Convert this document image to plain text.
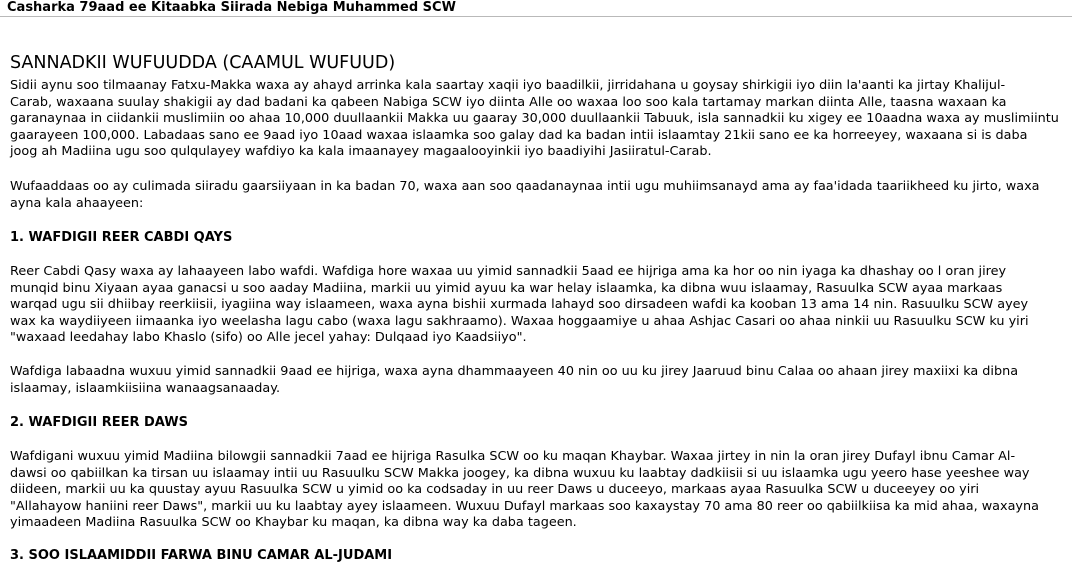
Casharka 79aad ee Kitaabka Siirada Nebiga Muhammed SCW
SANNADKII WUFUUDDA (CAAMUL WUFUUD)

Sidii aynu soo tilmaanay Fatxu-Makka waxa ay ahayd arrinka kala saartay xaqii iyo baadilkii, jirridahana u goysay shirkigii iyo diin la'aanti ka jirtay Khalijul-
Carab, waxaana suulay shakigii ay dad badani ka qabeen Nabiga SCW iyo diinta Alle oo waxaa loo soo kala tartamay markan diinta Alle, taasna waxaan ka
garanaynaa in ciidankii muslimiin oo ahaa 10,000 duullaankii Makka uu gaaray 30,000 duullaankii Tabuuk, isla sannadkii ku xigey ee 10aadna waxa ay muslimiintu
gaarayeen 100,000. Labadaas sano ee 9aad iyo 10aad waxaa islaamka soo galay dad ka badan intii islaamtay 21kii sano ee ka horreeyey, waxaana si is daba
joog ah Madiina ugu soo qulqulayey wafdiyo ka kala imaanayey magaalooyinkii iyo baadiyihi Jasiiratul-Carab.

Wufaaddaas oo ay culimada siiradu gaarsiiyaan in ka badan 70, waxa aan soo qaadanaynaa intii ugu muhiimsanayd ama ay faa'idada taariikheed ku jirto, waxa
ayna kala ahaayeen:

1. WAFDIGII REER CABDI QAYS

Reer Cabdi Qasy waxa ay lahaayeen labo wafdi. Wafdiga hore waxaa uu yimid sannadkii 5aad ee hijriga ama ka hor oo nin iyaga ka dhashay oo l oran jirey
munqid binu Xiyaan ayaa ganacsi u soo aaday Madiina, markii uu yimid ayuu ka war helay islaamka, ka dibna wuu islaamay, Rasuulka SCW ayaa markaas
warqad ugu sii dhiibay reerkiisii, iyagiina way islaameen, waxa ayna bishii xurmada lahayd soo dirsadeen wafdi ka kooban 13 ama 14 nin. Rasuulku SCW ayey
wax ka waydiiyeen iimaanka iyo weelasha lagu cabo (waxa lagu sakhraamo). Waxaa hoggaamiye u ahaa Ashjac Casari oo ahaa ninkii uu Rasuulku SCW ku yiri
"waxaad leedahay labo Khaslo (sifo) oo Alle jecel yahay: Dulqaad iyo Kaadsiiyo".

Wafdiga labaadna wuxuu yimid sannadkii 9aad ee hijriga, waxa ayna dhammaayeen 40 nin oo uu ku jirey Jaaruud binu Calaa oo ahaan jirey maxiixi ka dibna
islaamay, islaamkiisiina wanaagsanaaday.

2. WAFDIGII REER DAWS

Wafdigani wuxuu yimid Madiina bilowgii sannadkii 7aad ee hijriga Rasulka SCW oo ku maqan Khaybar. Waxaa jirtey in nin la oran jirey Dufayl ibnu Camar Al-
dawsi oo qabiilkan ka tirsan uu islaamay intii uu Rasuulku SCW Makka joogey, ka dibna wuxuu ku laabtay dadkiisii si uu islaamka ugu yeero hase yeeshee way
diideen, markii uu ka quustay ayuu Rasuulka SCW u yimid oo ka codsaday in uu reer Daws u duceeyo, markaas ayaa Rasuulka SCW u duceeyey oo yiri
"Allahayow haniini reer Daws", markii uu ku laabtay ayey islaameen. Wuxuu Dufayl markaas soo kaxaystay 70 ama 80 reer oo qabiilkiisa ka mid ahaa, waxayna
yimaadeen Madiina Rasuulka SCW oo Khaybar ku maqan, ka dibna way ka daba tageen.

3. SOO ISLAAMIDDII FARWA BINU CAMAR AL-JUDAMI
